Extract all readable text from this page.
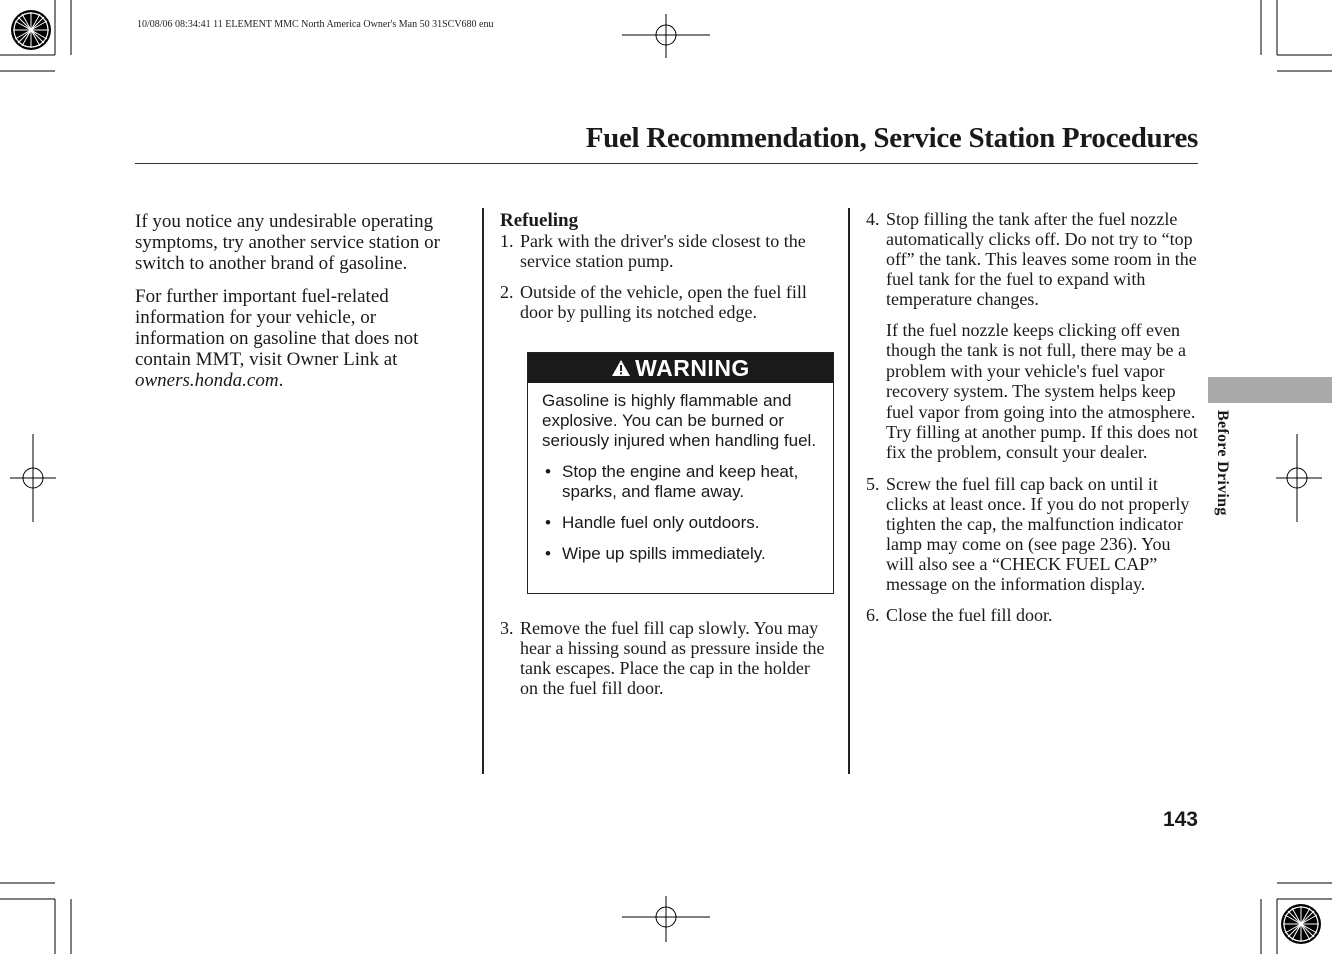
10/08/06 08:34:41 11 ELEMENT MMC North America Owner's Man 50 31SCV680 enu
Fuel Recommendation, Service Station Procedures

If you notice any undesirable operating symptoms, try another service station or switch to another brand of gasoline.

For further important fuel-related information for your vehicle, or information on gasoline that does not contain MMT, visit Owner Link at owners.honda.com.

Refueling
1. Park with the driver's side closest to the service station pump.
2. Outside of the vehicle, open the fuel fill door by pulling its notched edge.
WARNING

Gasoline is highly flammable and explosive. You can be burned or seriously injured when handling fuel.

• Stop the engine and keep heat, sparks, and flame away.
• Handle fuel only outdoors.
• Wipe up spills immediately.
3. Remove the fuel fill cap slowly. You may hear a hissing sound as pressure inside the tank escapes. Place the cap in the holder on the fuel fill door.
4. Stop filling the tank after the fuel nozzle automatically clicks off. Do not try to “top off” the tank. This leaves some room in the fuel tank for the fuel to expand with temperature changes.

If the fuel nozzle keeps clicking off even though the tank is not full, there may be a problem with your vehicle's fuel vapor recovery system. The system helps keep fuel vapor from going into the atmosphere. Try filling at another pump. If this does not fix the problem, consult your dealer.

5. Screw the fuel fill cap back on until it clicks at least once. If you do not properly tighten the cap, the malfunction indicator lamp may come on (see page 236). You will also see a “CHECK FUEL CAP” message on the information display.
6. Close the fuel fill door.
Before Driving
143
